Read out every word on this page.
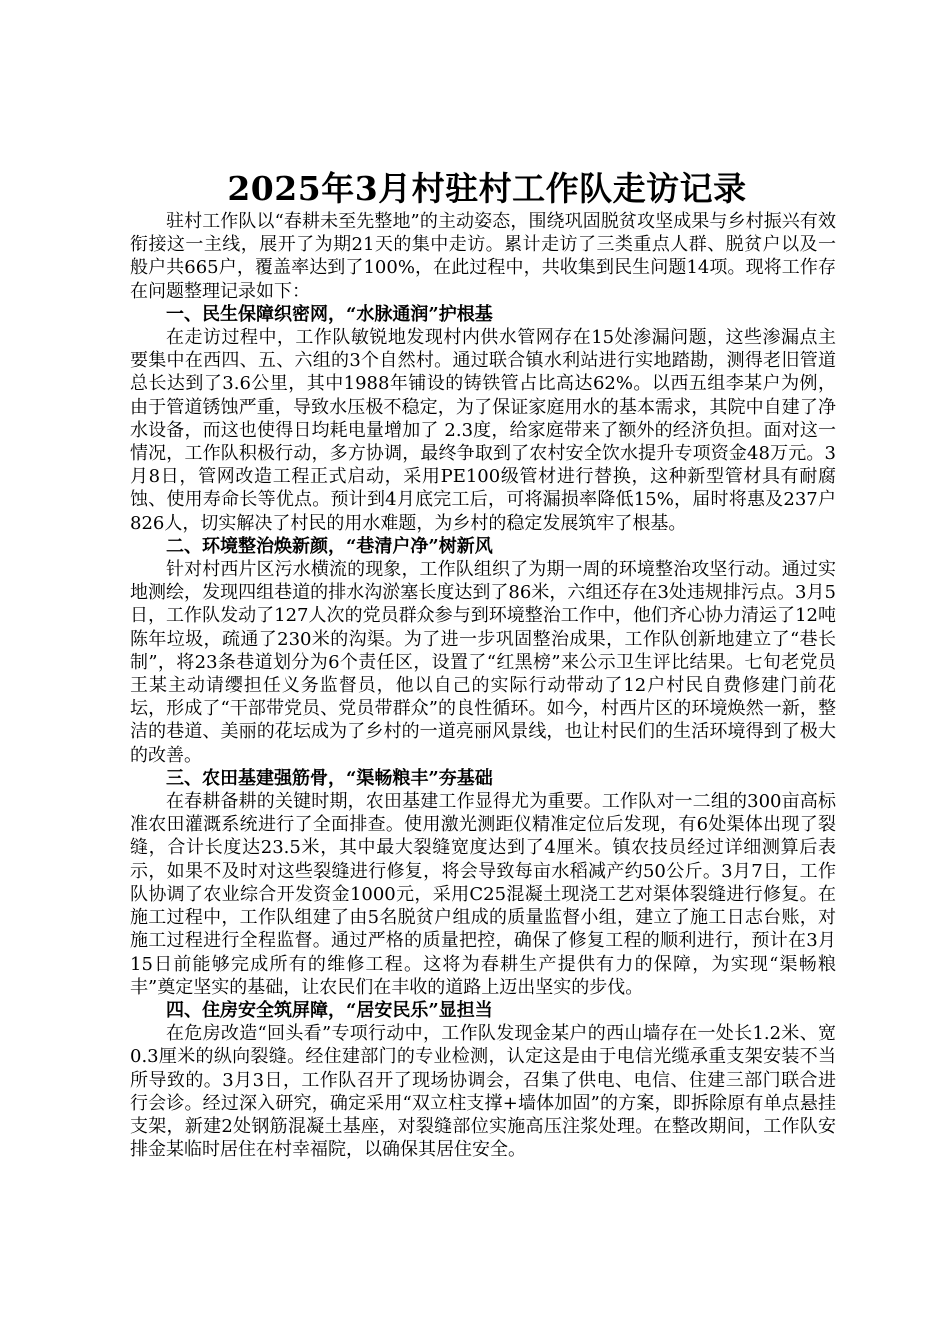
2025年3月村驻村工作队走访记录

驻村工作队以“春耕未至先整地”的主动姿态，围绕巩固脱贫攻坚成果与乡村振兴有效衔接这一主线，展开了为期21天的集中走访。累计走访了三类重点人群、脱贫户以及一般户共665户，覆盖率达到了100%，在此过程中，共收集到民生问题14项。现将工作存在问题整理记录如下：

一、民生保障织密网，“水脉通润”护根基

在走访过程中，工作队敏锐地发现村内供水管网存在15处渗漏问题，这些渗漏点主要集中在西四、五、六组的3个自然村。通过联合镇水利站进行实地踏勘，测得老旧管道总长达到了3.6公里，其中1988年铺设的铸铁管占比高达62%。以西五组李某户为例，由于管道锈蚀严重，导致水压极不稳定，为了保证家庭用水的基本需求，其院中自建了净水设备，而这也使得日均耗电量增加了 2.3度，给家庭带来了额外的经济负担。面对这一情况，工作队积极行动，多方协调，最终争取到了农村安全饮水提升专项资金48万元。3月8日，管网改造工程正式启动，采用PE100级管材进行替换，这种新型管材具有耐腐蚀、使用寿命长等优点。预计到4月底完工后，可将漏损率降低15%，届时将惠及237户826人，切实解决了村民的用水难题，为乡村的稳定发展筑牢了根基。

二、环境整治焕新颜，“巷清户净”树新风

针对村西片区污水横流的现象，工作队组织了为期一周的环境整治攻坚行动。通过实地测绘，发现四组巷道的排水沟淤塞长度达到了86米，六组还存在3处违规排污点。3月5日，工作队发动了127人次的党员群众参与到环境整治工作中，他们齐心协力清运了12吨陈年垃圾，疏通了230米的沟渠。为了进一步巩固整治成果，工作队创新地建立了“巷长制”，将23条巷道划分为6个责任区，设置了“红黑榜”来公示卫生评比结果。七旬老党员王某主动请缨担任义务监督员，他以自己的实际行动带动了12户村民自费修建门前花坛，形成了“干部带党员、党员带群众”的良性循环。如今，村西片区的环境焕然一新，整洁的巷道、美丽的花坛成为了乡村的一道亮丽风景线，也让村民们的生活环境得到了极大的改善。

三、农田基建强筋骨，“渠畅粮丰”夯基础

在春耕备耕的关键时期，农田基建工作显得尤为重要。工作队对一二组的300亩高标准农田灌溉系统进行了全面排查。使用激光测距仪精准定位后发现，有6处渠体出现了裂缝，合计长度达23.5米，其中最大裂缝宽度达到了4厘米。镇农技员经过详细测算后表示，如果不及时对这些裂缝进行修复，将会导致每亩水稻减产约50公斤。3月7日，工作队协调了农业综合开发资金1000元，采用C25混凝土现浇工艺对渠体裂缝进行修复。在施工过程中，工作队组建了由5名脱贫户组成的质量监督小组，建立了施工日志台账，对施工过程进行全程监督。通过严格的质量把控，确保了修复工程的顺利进行，预计在3月15日前能够完成所有的维修工程。这将为春耕生产提供有力的保障，为实现“渠畅粮丰”奠定坚实的基础，让农民们在丰收的道路上迈出坚实的步伐。

四、住房安全筑屏障，“居安民乐”显担当

在危房改造“回头看”专项行动中，工作队发现金某户的西山墙存在一处长1.2米、宽0.3厘米的纵向裂缝。经住建部门的专业检测，认定这是由于电信光缆承重支架安装不当所导致的。3月3日，工作队召开了现场协调会，召集了供电、电信、住建三部门联合进行会诊。经过深入研究，确定采用“双立柱支撑+墙体加固”的方案，即拆除原有单点悬挂支架，新建2处钢筋混凝土基座，对裂缝部位实施高压注浆处理。在整改期间，工作队安排金某临时居住在村幸福院，以确保其居住安全。
